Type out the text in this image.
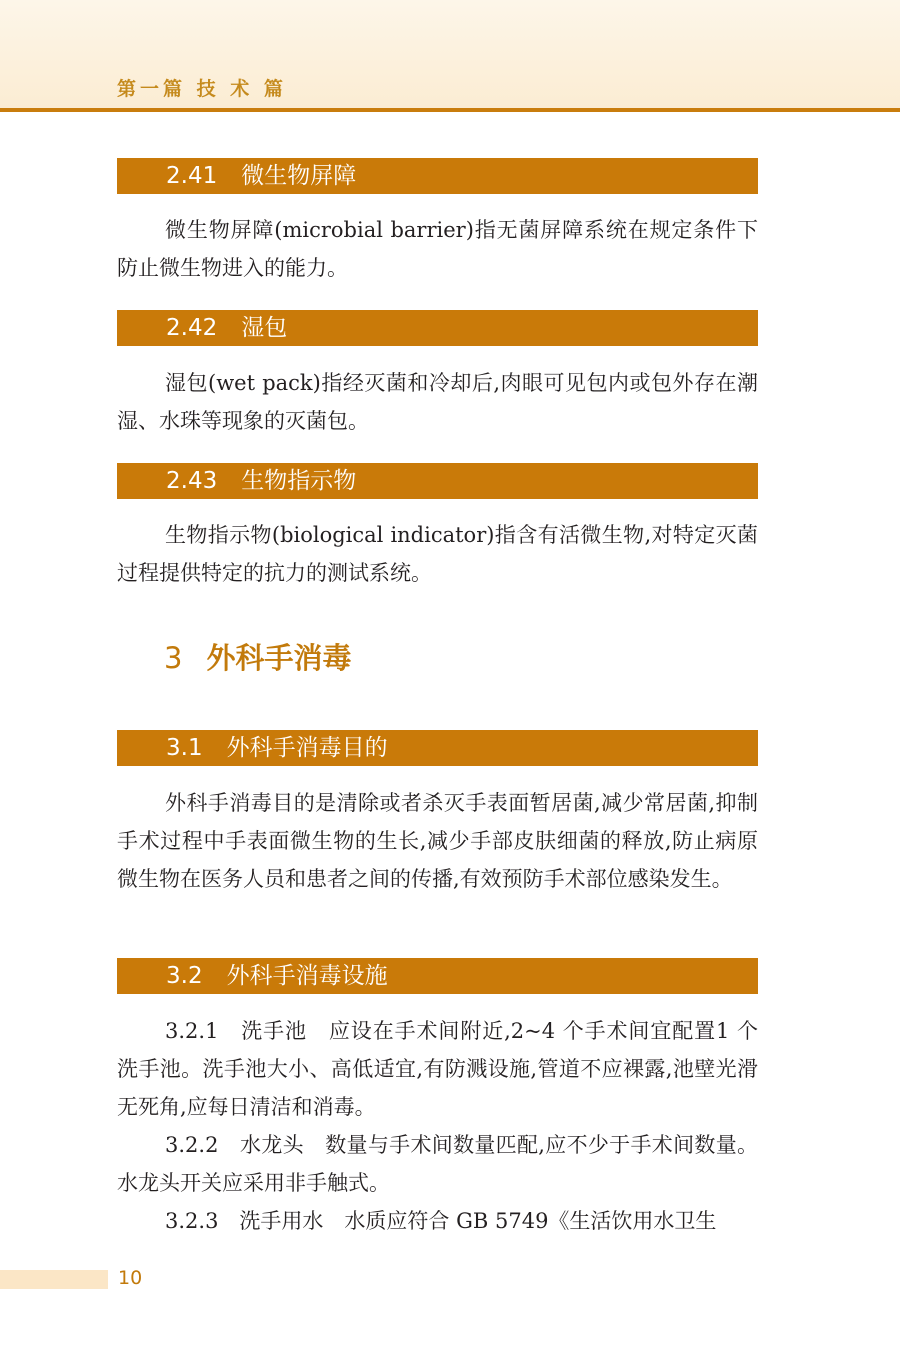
第一篇 技 术 篇
2.41 微生物屏障

微生物屏障(microbial barrier)指无菌屏障系统在规定条件下防止微生物进入的能力。

2.42 湿包

湿包(wet pack)指经灭菌和冷却后,肉眼可见包内或包外存在潮湿、水珠等现象的灭菌包。

2.43 生物指示物

生物指示物(biological indicator)指含有活微生物,对特定灭菌过程提供特定的抗力的测试系统。

3 外科手消毒
3.1 外科手消毒目的

外科手消毒目的是清除或者杀灭手表面暂居菌,减少常居菌,抑制手术过程中手表面微生物的生长,减少手部皮肤细菌的释放,防止病原微生物在医务人员和患者之间的传播,有效预防手术部位感染发生。

3.2 外科手消毒设施

3.2.1　洗手池　应设在手术间附近,2~4 个手术间宜配置1 个洗手池。洗手池大小、高低适宜,有防溅设施,管道不应裸露,池壁光滑无死角,应每日清洁和消毒。

3.2.2　水龙头　数量与手术间数量匹配,应不少于手术间数量。水龙头开关应采用非手触式。

3.2.3　洗手用水　水质应符合 GB 5749《生活饮用水卫生

10
